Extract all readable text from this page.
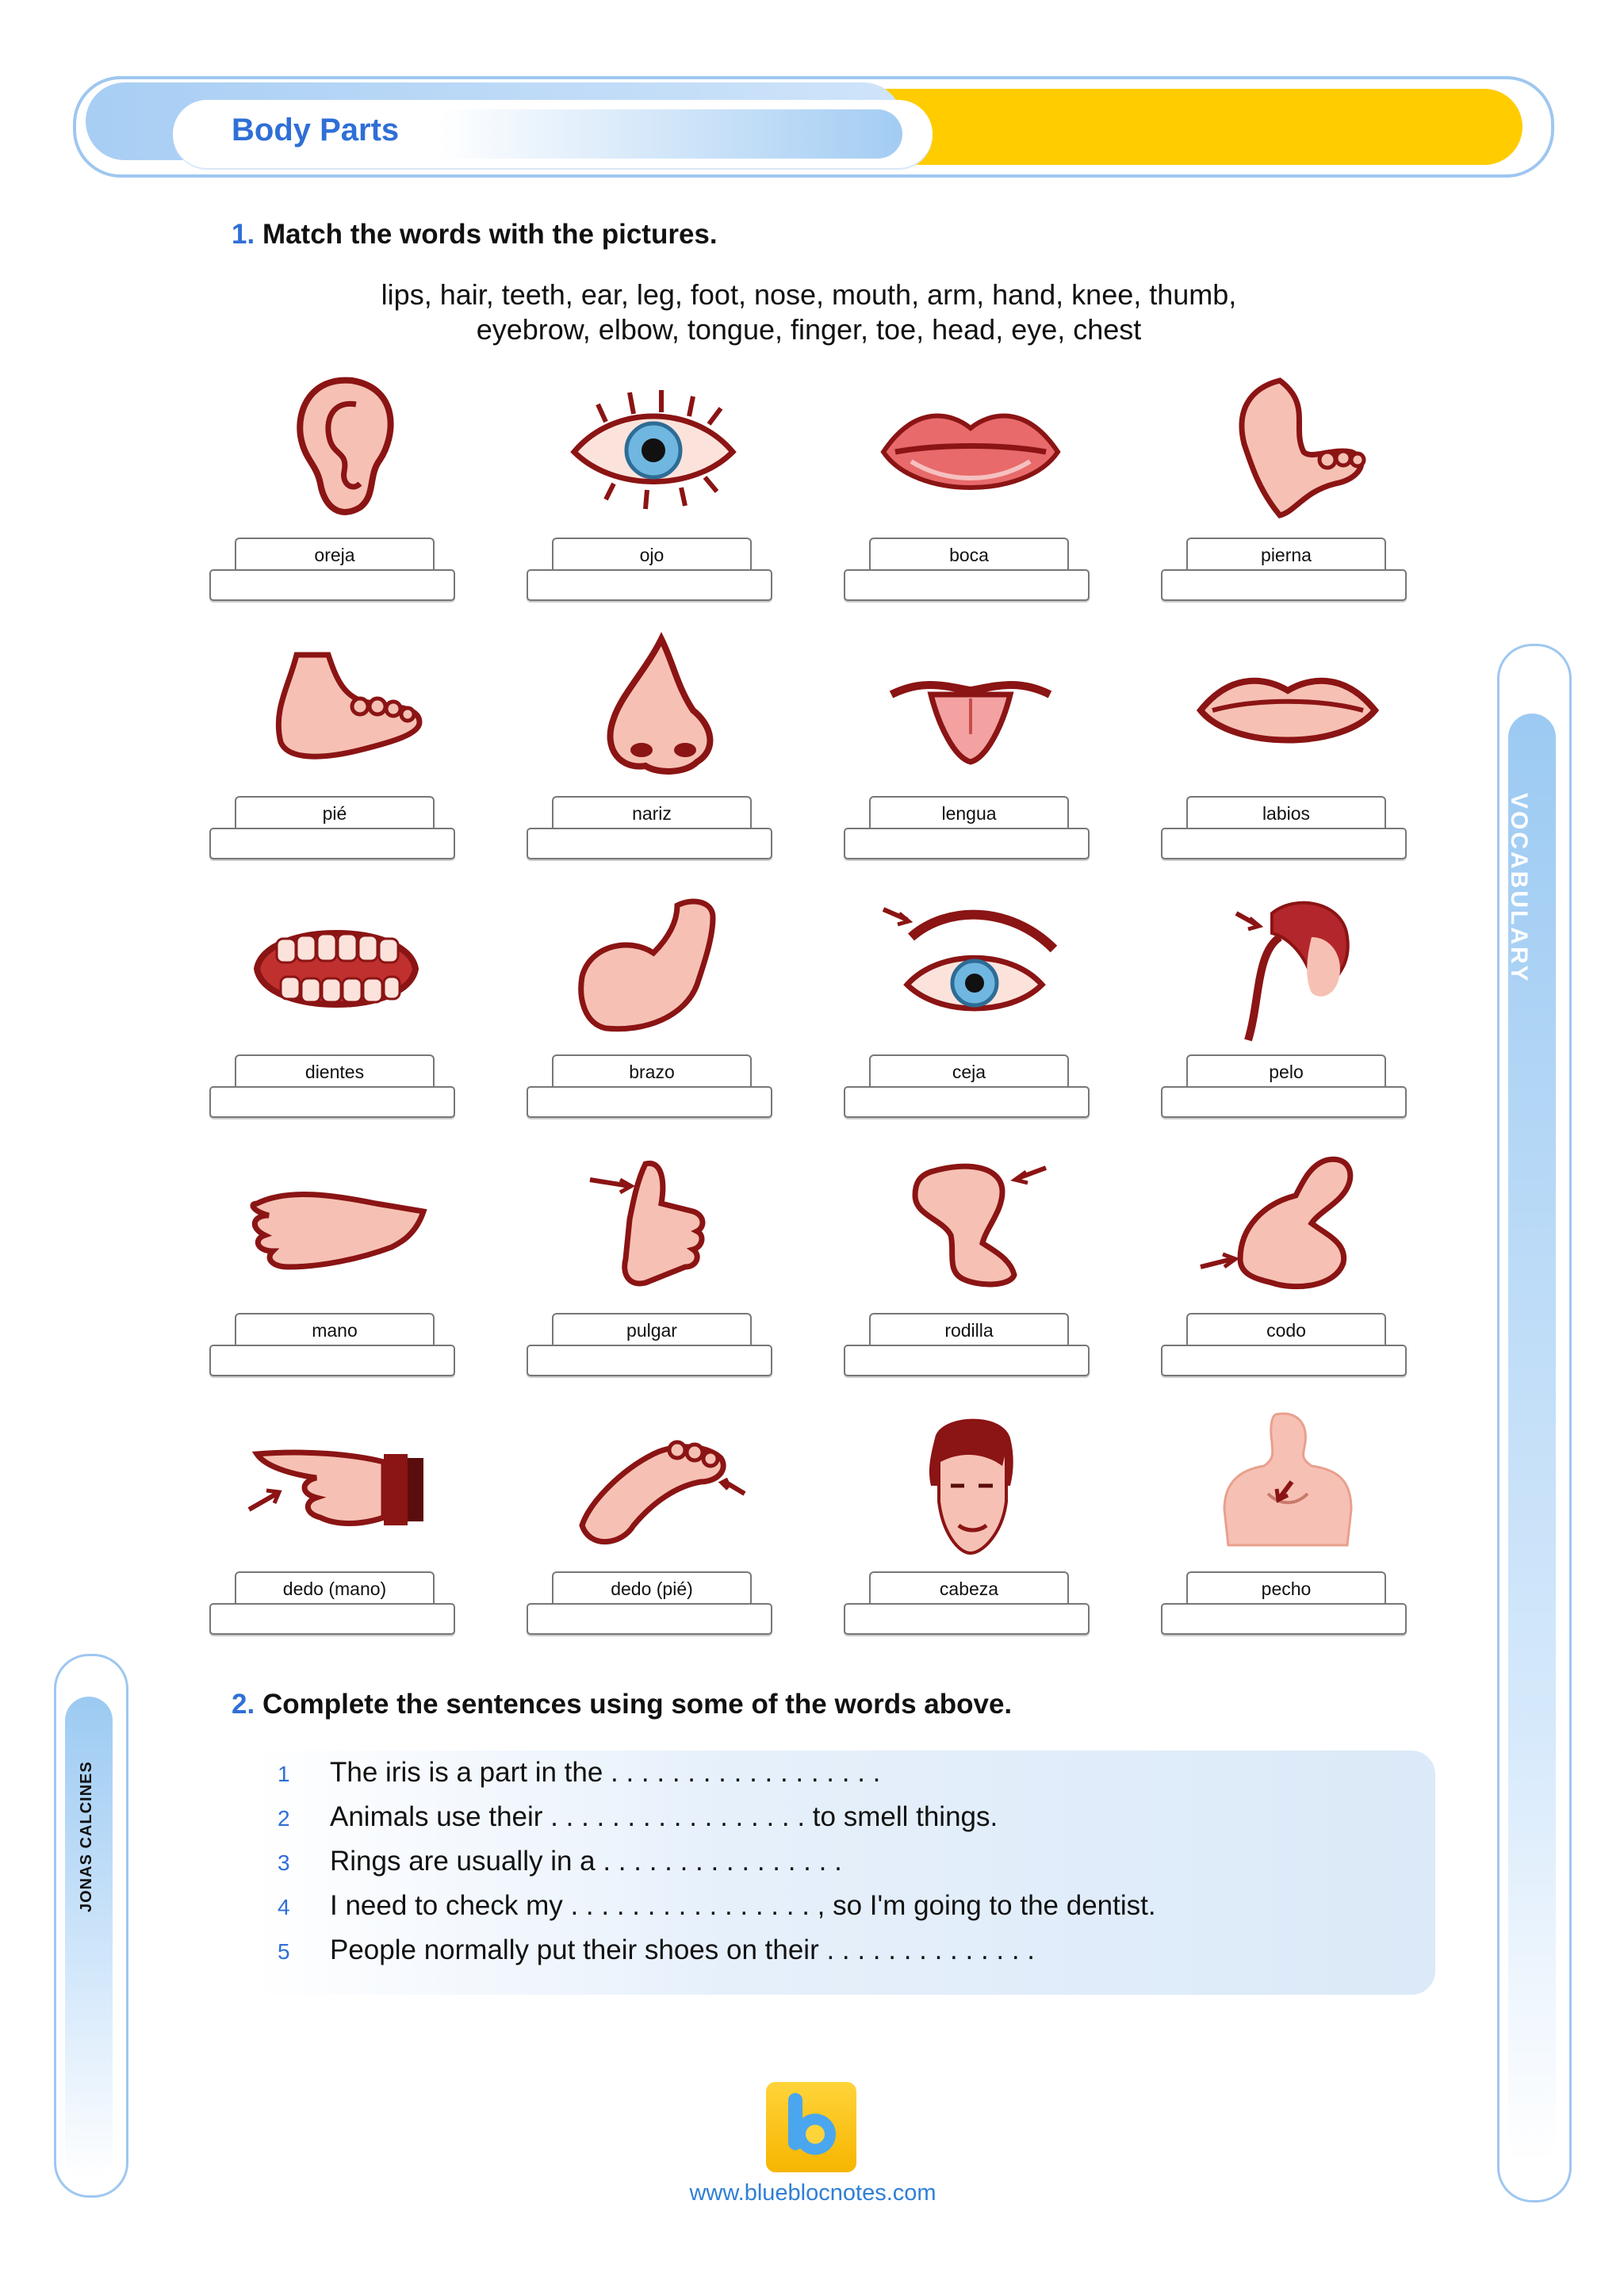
Body Parts
VOCABULARY
JONAS CALCINES
1. Match the words with the pictures.
lips, hair, teeth, ear, leg, foot, nose, mouth, arm, hand, knee, thumb,
eyebrow, elbow, tongue, finger, toe, head, eye, chest
oreja	ojo	boca	pierna
pié	nariz	lengua	labios
dientes	brazo	ceja	pelo
mano	pulgar	rodilla	codo
dedo (mano)	dedo (pié)	cabeza	pecho
2. Complete the sentences using some of the words above.
1 The iris is a part in the . . . . . . . . . . . . . . . . . .
2 Animals use their . . . . . . . . . . . . . . . . . to smell things.
3 Rings are usually in a . . . . . . . . . . . . . . . .
4 I need to check my . . . . . . . . . . . . . . . . , so I'm going to the dentist.
5 People normally put their shoes on their . . . . . . . . . . . . . .
www.blueblocnotes.com
